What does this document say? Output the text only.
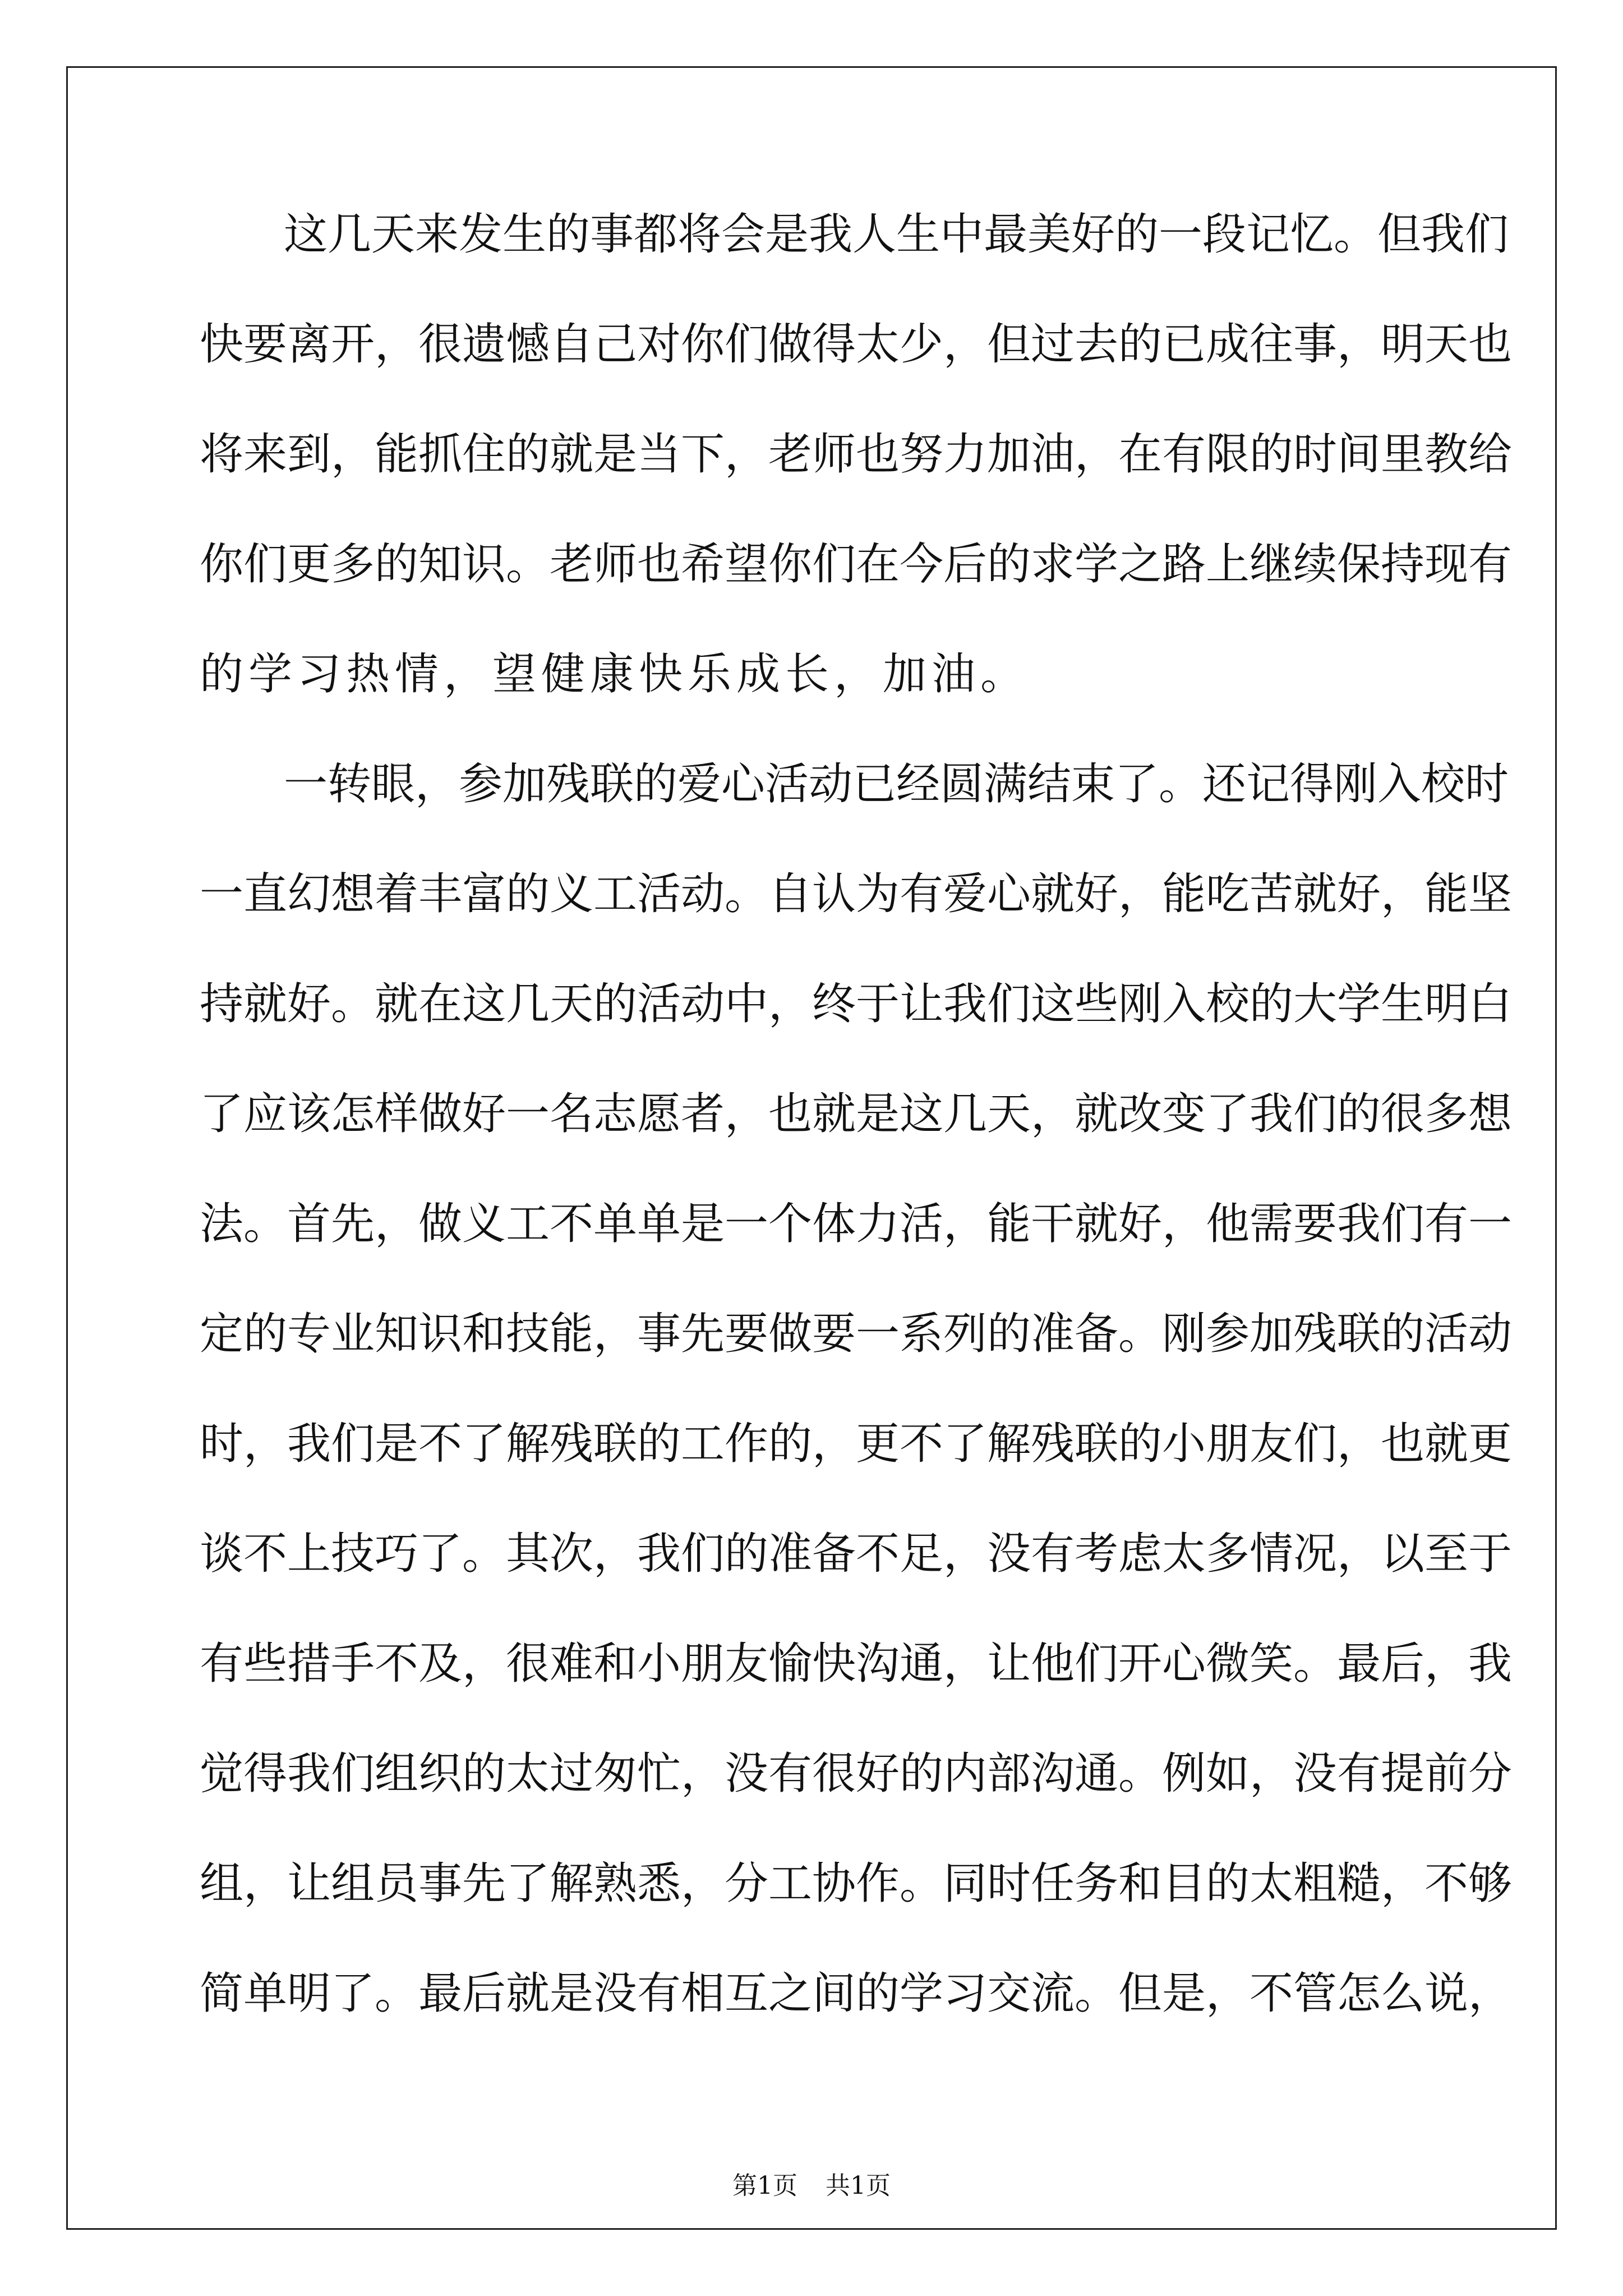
这几天来发生的事都将会是我人生中最美好的一段记忆。但我们
快要离开，很遗憾自己对你们做得太少，但过去的已成往事，明天也
将来到，能抓住的就是当下，老师也努力加油，在有限的时间里教给
你们更多的知识。老师也希望你们在今后的求学之路上继续保持现有
的学习热情，望健康快乐成长，加油。
一转眼，参加残联的爱心活动已经圆满结束了。还记得刚入校时
一直幻想着丰富的义工活动。自认为有爱心就好，能吃苦就好，能坚
持就好。就在这几天的活动中，终于让我们这些刚入校的大学生明白
了应该怎样做好一名志愿者，也就是这几天，就改变了我们的很多想
法。首先，做义工不单单是一个体力活，能干就好，他需要我们有一
定的专业知识和技能，事先要做要一系列的准备。刚参加残联的活动
时，我们是不了解残联的工作的，更不了解残联的小朋友们，也就更
谈不上技巧了。其次，我们的准备不足，没有考虑太多情况，以至于
有些措手不及，很难和小朋友愉快沟通，让他们开心微笑。最后，我
觉得我们组织的太过匆忙，没有很好的内部沟通。例如，没有提前分
组，让组员事先了解熟悉，分工协作。同时任务和目的太粗糙，不够
简单明了。最后就是没有相互之间的学习交流。但是，不管怎么说，
第1页 共1页
